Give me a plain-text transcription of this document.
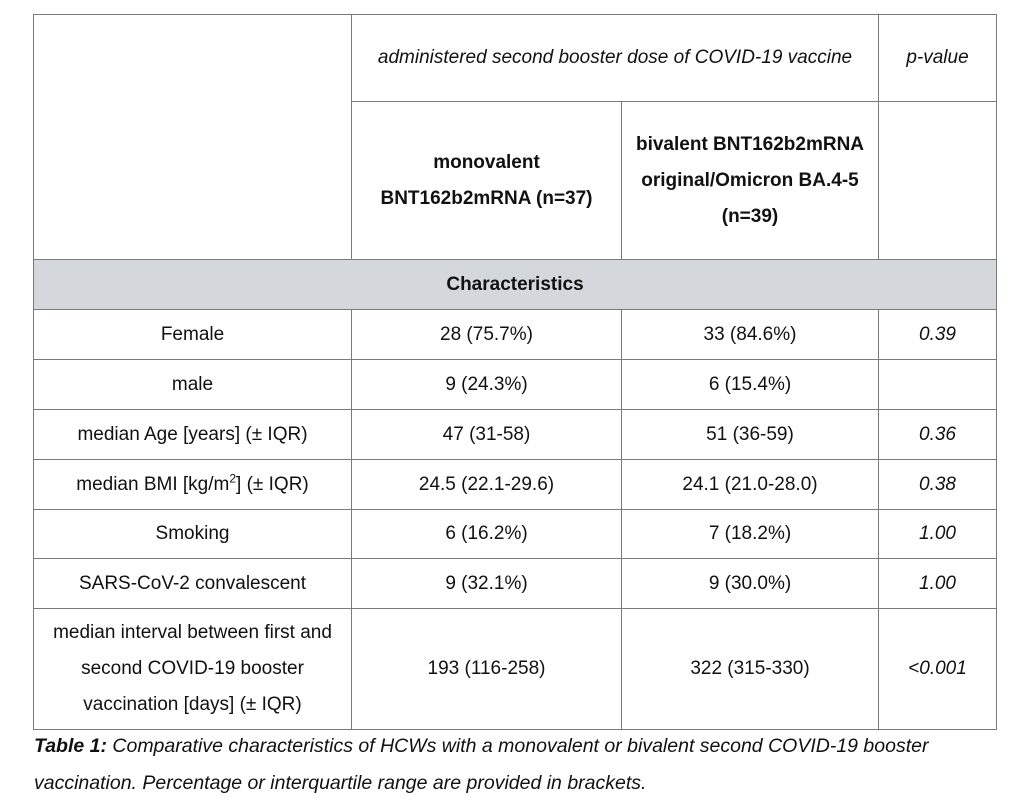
	administered second booster dose of COVID-19 vaccine		p-value
	monovalent BNT162b2mRNA (n=37)	bivalent BNT162b2mRNA original/Omicron BA.4-5 (n=39)	
Characteristics			
Female	28 (75.7%)	33 (84.6%)	0.39
male	9 (24.3%)	6 (15.4%)	
median Age [years] (± IQR)	47 (31-58)	51 (36-59)	0.36
median BMI $[kg/m^2]$ (± IQR)	24.5 (22.1-29.6)	24.1 (21.0-28.0)	0.38
Smoking	6 (16.2%)	7 (18.2%)	1.00
SARS-CoV-2 convalescent	9 (32.1%)	9 (30.0%)	1.00
median interval between first and second COVID-19 booster vaccination [days] (± IQR)	193 (116-258)	322 (315-330)	<0.001
Table 1: Comparative characteristics of HCWs with a monovalent or bivalent second COVID-19 booster vaccination. Percentage or interquartile range are provided in brackets.
